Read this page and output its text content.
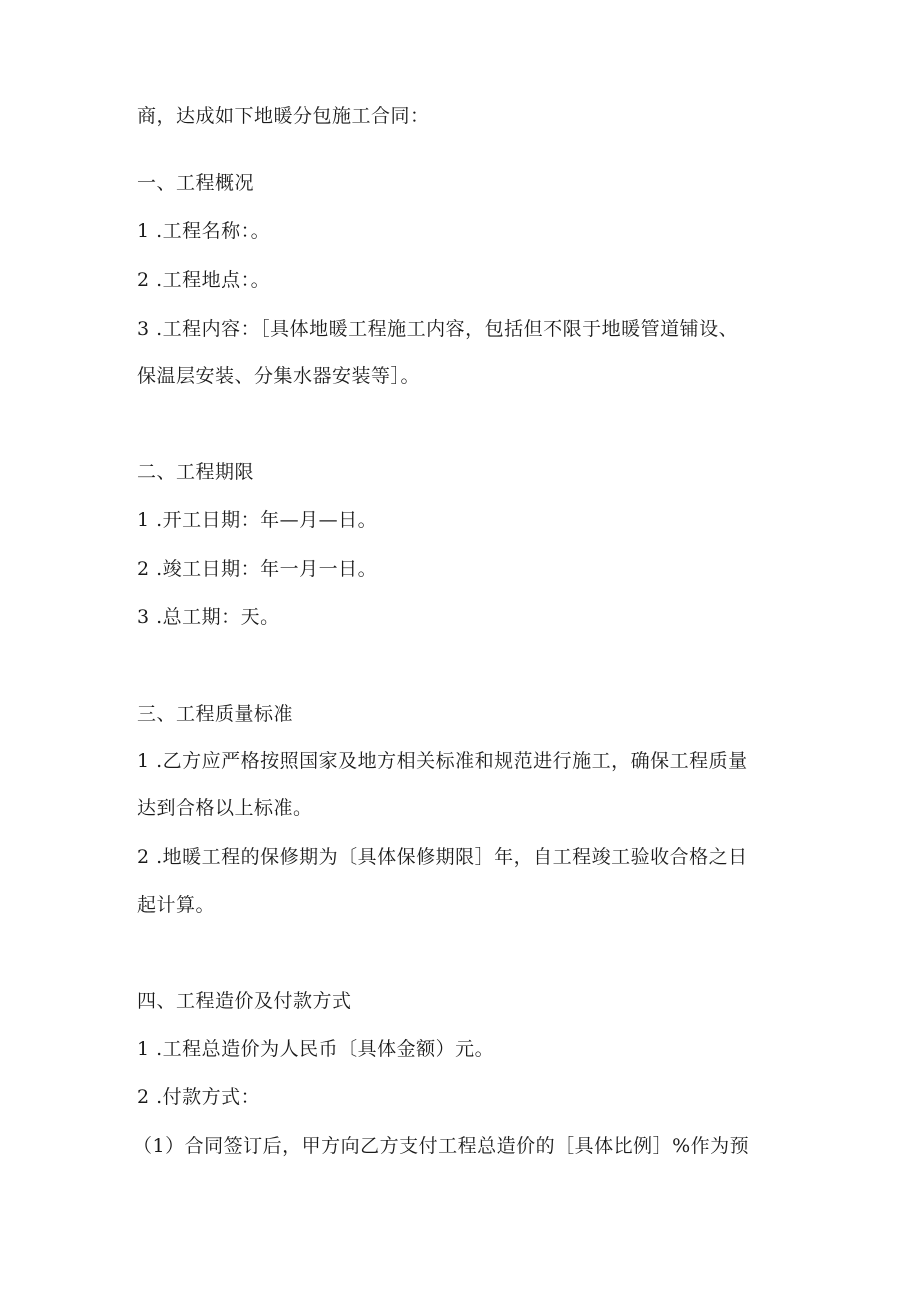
商，达成如下地暖分包施工合同：
一、工程概况
1 .工程名称：。
2 .工程地点：。
3 .工程内容：［具体地暖工程施工内容，包括但不限于地暖管道铺设、
保温层安装、分集水器安装等］。
二、工程期限
1 .开工日期：年—月—日。
2 .竣工日期：年一月一日。
3 .总工期：天。
三、工程质量标准
1 .乙方应严格按照国家及地方相关标准和规范进行施工，确保工程质量
达到合格以上标准。
2 .地暖工程的保修期为〔具体保修期限］年，自工程竣工验收合格之日
起计算。
四、工程造价及付款方式
1 .工程总造价为人民币〔具体金额）元。
2 .付款方式：
（1）合同签订后，甲方向乙方支付工程总造价的［具体比例］%作为预
